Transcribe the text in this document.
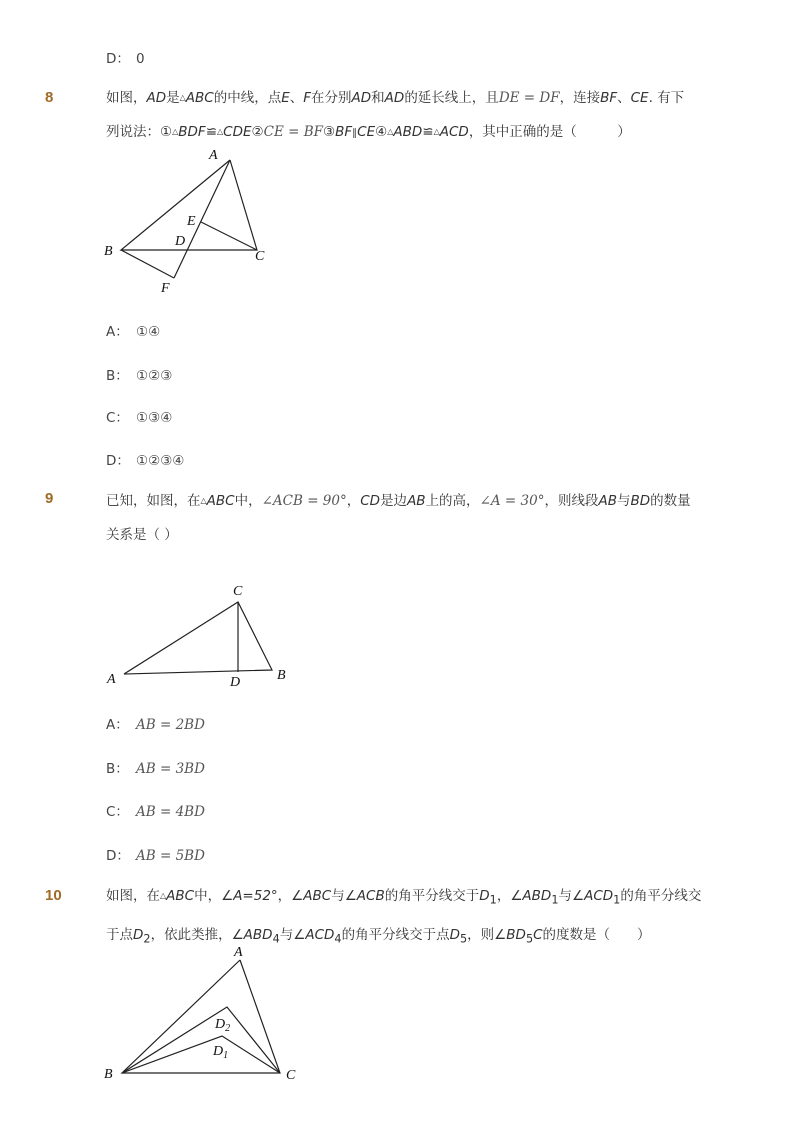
D： 0
8	如图，AD是△ABC的中线，点E、F在分别AD和AD的延长线上，且DE = DF，连接BF、CE. 有下
列说法：①△BDF≌△CDE②CE = BF③BF∥CE④△ABD≌△ACD，其中正确的是（　　　）
A
B	C
D
E
F
A： ①④
B： ①②③
C： ①③④
D： ①②③④
9	已知，如图，在△ABC中，∠ACB = 90°，CD是边AB上的高，∠A = 30°，则线段AB与BD的数量
关系是（ ）
A
C
B
D
A： AB = 2BD
B： AB = 3BD
C： AB = 4BD
D： AB = 5BD
10	如图，在△ABC中，∠A=52°，∠ABC与∠ACB的角平分线交于$D_1$，$\angle ABD_1$与$\angle ACD_1$的角平分线交
于点$D_2$，依此类推，$\angle ABD_4$与$\angle ACD_4$的角平分线交于点$D_5$，则$\angle BD_5C$的度数是（　　）
A
B	C
$D_2$
$D_1$
